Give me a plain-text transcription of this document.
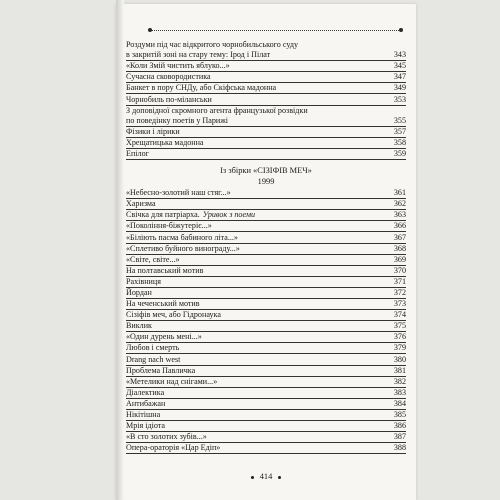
Роздуми під час відкритого чорнобильського суду
в закритій зоні на стару тему: Ірод і Пілат	343
«Коли Змій чистить яблуко...»	345
Сучасна сковородистика	347
Банкет в пору СНДу, або Скіфська мадонна	349
Чорнобиль по-міланськи	353
З доповідної скромного агента французької розвідки
по поведінку поетів у Парижі	355
Фізики і лірики	357
Хрещатицька мадонна	358
Епілог	359
Із збірки «СІЗІФІВ МЕЧ»
1999
«Небесно-золотий наш стяг...»	361
Харизма	362
Свічка для патріарха. Уривок з поеми	363
«Покоління-біжутеріє...»	366
«Біліють пасма бабиного літа...»	367
«Сплетиво буйного винограду...»	368
«Світе, світе...»	369
На полтавський мотив	370
Рахівниця	371
Йордан	372
На чеченський мотив	373
Сізіфів меч, або Гідронаука	374
Виклик	375
«Один дурень мені...»	376
Любов і смерть	379
Drang nach west	380
Проблема Павличка	381
«Метелики над снігами...»	382
Діалектика	383
Антибажан	384
Нікітішна	385
Мрія ідіота	386
«В сто золотих зубів...»	387
Опера-ораторія «Цар Едіп»	388
414
